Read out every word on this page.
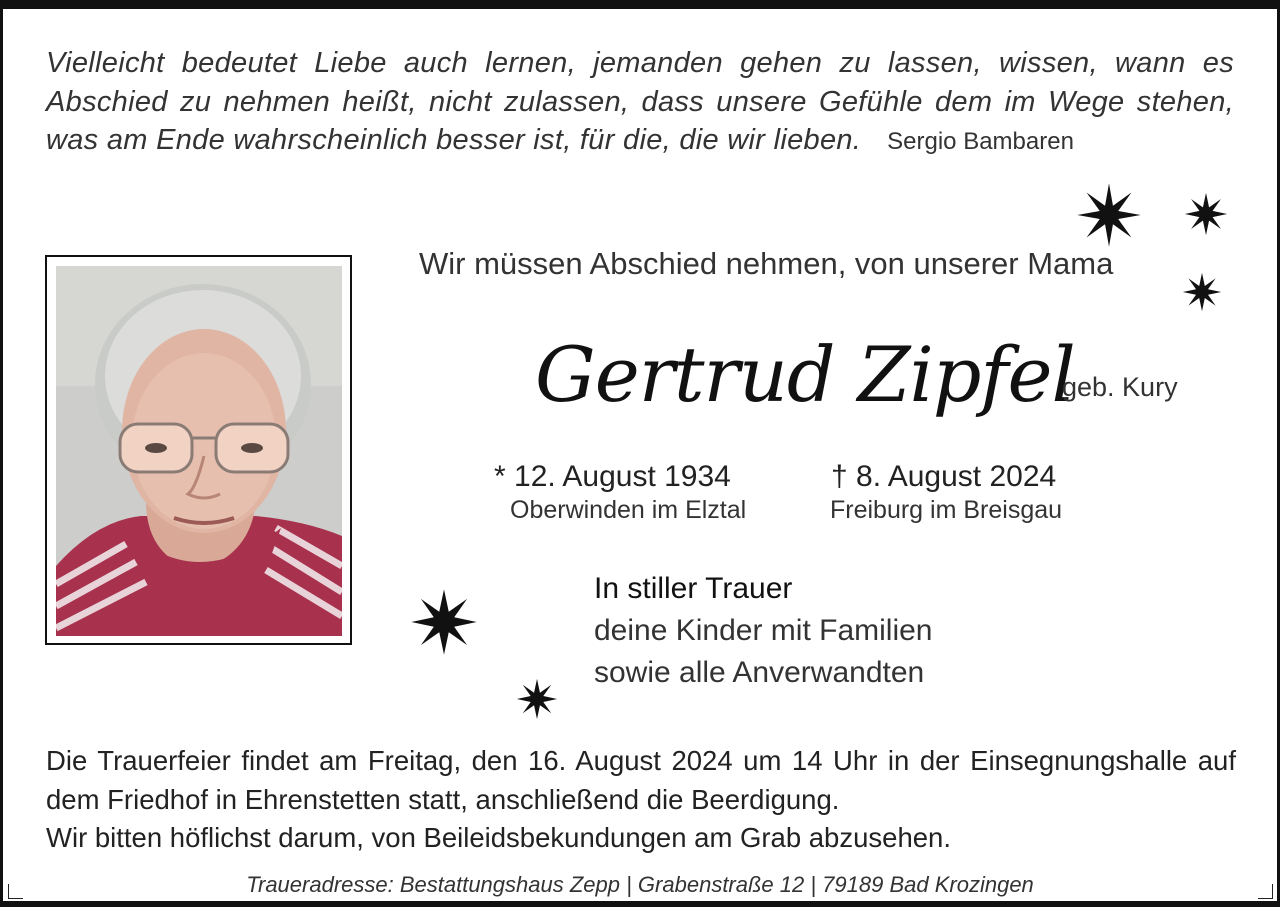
Vielleicht bedeutet Liebe auch lernen, jemanden gehen zu lassen, wissen, wann es Abschied zu nehmen heißt, nicht zulassen, dass unsere Gefühle dem im Wege stehen, was am Ende wahrscheinlich besser ist, für die, die wir lieben. Sergio Bambaren

Wir müssen Abschied nehmen, von unserer Mama
Gertrud Zipfel
geb. Kury
* 12. August 1934
Oberwinden im Elztal
† 8. August 2024
Freiburg im Breisgau
In stiller Trauer
deine Kinder mit Familien
sowie alle Anverwandten

Die Trauerfeier findet am Freitag, den 16. August 2024 um 14 Uhr in der Einsegnungshalle auf dem Friedhof in Ehrenstetten statt, anschließend die Beerdigung.

Wir bitten höflichst darum, von Beileidsbekundungen am Grab abzusehen.

Traueradresse: Bestattungshaus Zepp | Grabenstraße 12 | 79189 Bad Krozingen
